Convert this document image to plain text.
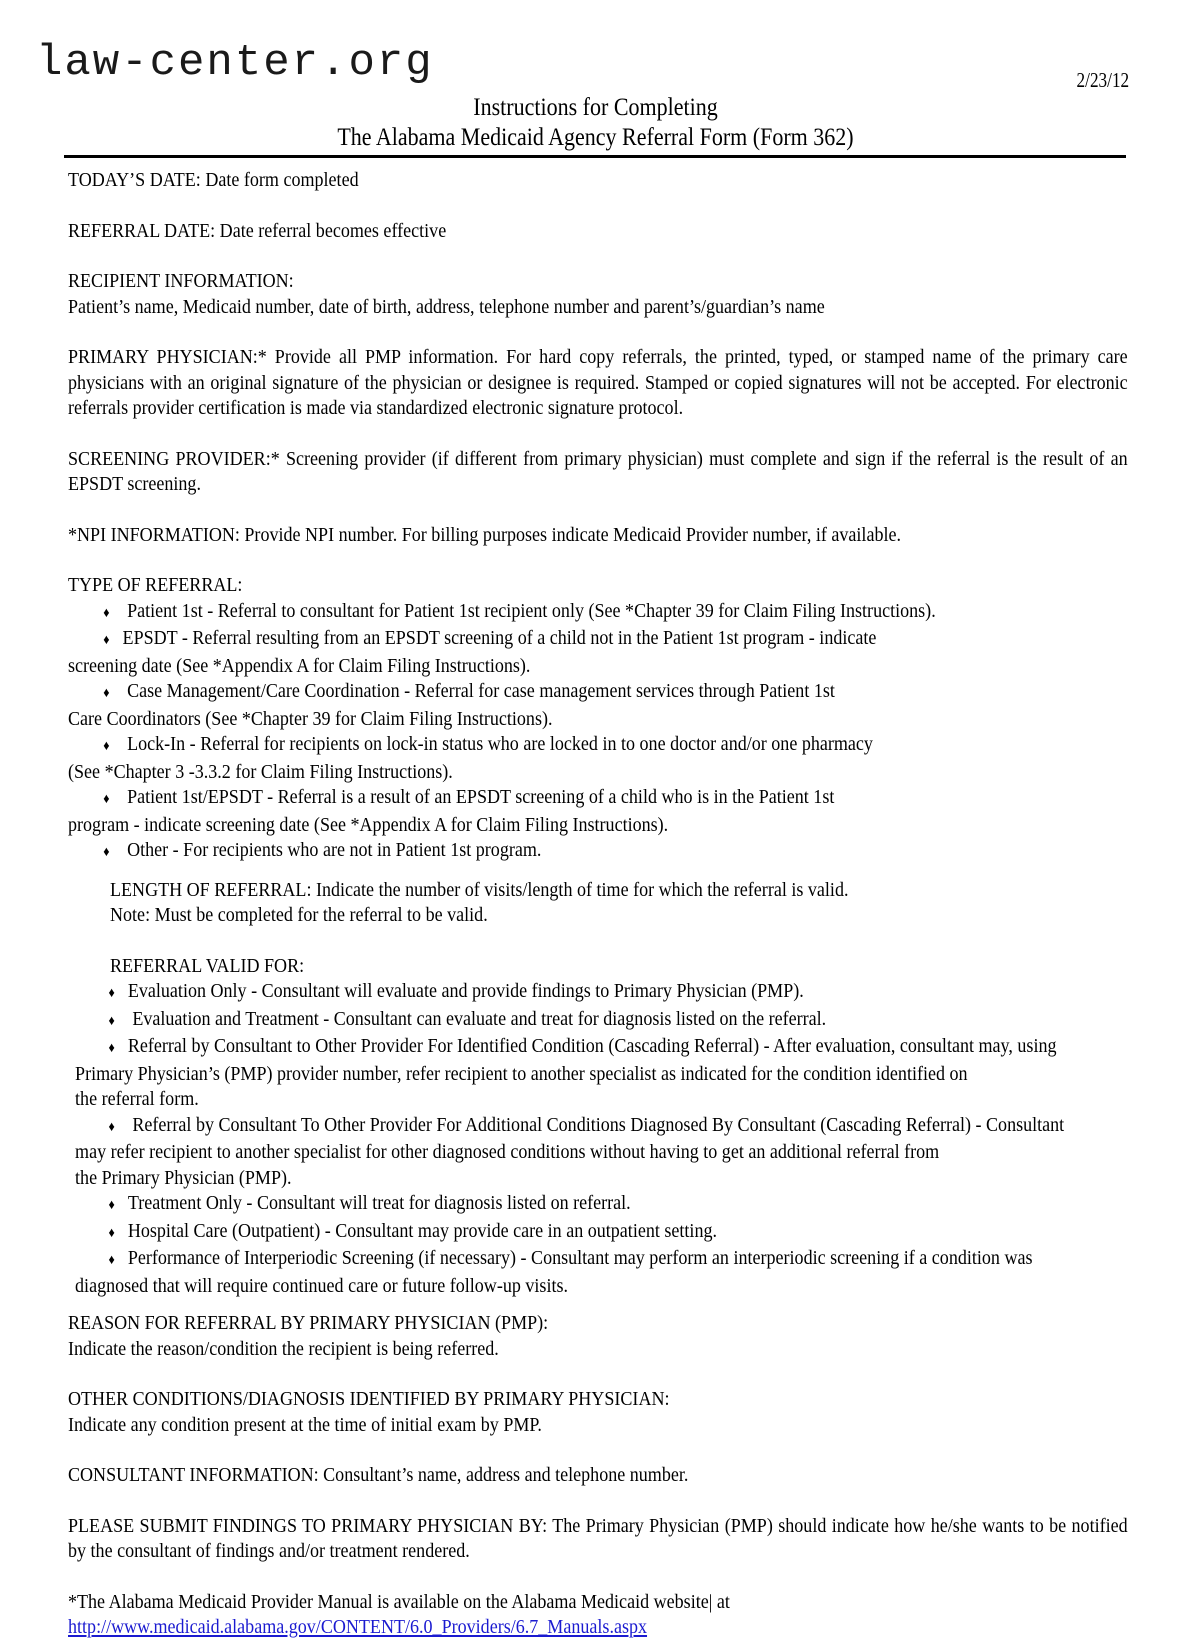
law-center.org	2/23/12
Instructions for Completing
The Alabama Medicaid Agency Referral Form (Form 362)
TODAY’S DATE: Date form completed
REFERRAL DATE: Date referral becomes effective
RECIPIENT INFORMATION:
Patient’s name, Medicaid number, date of birth, address, telephone number and parent’s/guardian’s name
PRIMARY PHYSICIAN:* Provide all PMP information. For hard copy referrals, the printed, typed, or stamped name of the primary care physicians with an original signature of the physician or designee is required. Stamped or copied signatures will not be accepted. For electronic referrals provider certification is made via standardized electronic signature protocol.
SCREENING PROVIDER:* Screening provider (if different from primary physician) must complete and sign if the referral is the result of an EPSDT screening.
*NPI INFORMATION: Provide NPI number. For billing purposes indicate Medicaid Provider number, if available.
TYPE OF REFERRAL:
♦ Patient 1st - Referral to consultant for Patient 1st recipient only (See *Chapter 39 for Claim Filing Instructions).
♦ EPSDT - Referral resulting from an EPSDT screening of a child not in the Patient 1st program - indicate
screening date (See *Appendix A for Claim Filing Instructions).
♦ Case Management/Care Coordination - Referral for case management services through Patient 1st
Care Coordinators (See *Chapter 39 for Claim Filing Instructions).
♦ Lock-In - Referral for recipients on lock-in status who are locked in to one doctor and/or one pharmacy
(See *Chapter 3 -3.3.2 for Claim Filing Instructions).
♦ Patient 1st/EPSDT - Referral is a result of an EPSDT screening of a child who is in the Patient 1st
program - indicate screening date (See *Appendix A for Claim Filing Instructions).
♦ Other - For recipients who are not in Patient 1st program.
LENGTH OF REFERRAL: Indicate the number of visits/length of time for which the referral is valid.
Note: Must be completed for the referral to be valid.
REFERRAL VALID FOR:
♦ Evaluation Only - Consultant will evaluate and provide findings to Primary Physician (PMP).
♦ Evaluation and Treatment - Consultant can evaluate and treat for diagnosis listed on the referral.
♦ Referral by Consultant to Other Provider For Identified Condition (Cascading Referral) - After evaluation, consultant may, using
Primary Physician’s (PMP) provider number, refer recipient to another specialist as indicated for the condition identified on
the referral form.
♦ Referral by Consultant To Other Provider For Additional Conditions Diagnosed By Consultant (Cascading Referral) - Consultant
may refer recipient to another specialist for other diagnosed conditions without having to get an additional referral from
the Primary Physician (PMP).
♦ Treatment Only - Consultant will treat for diagnosis listed on referral.
♦ Hospital Care (Outpatient) - Consultant may provide care in an outpatient setting.
♦ Performance of Interperiodic Screening (if necessary) - Consultant may perform an interperiodic screening if a condition was
diagnosed that will require continued care or future follow-up visits.
REASON FOR REFERRAL BY PRIMARY PHYSICIAN (PMP):
Indicate the reason/condition the recipient is being referred.
OTHER CONDITIONS/DIAGNOSIS IDENTIFIED BY PRIMARY PHYSICIAN:
Indicate any condition present at the time of initial exam by PMP.
CONSULTANT INFORMATION: Consultant’s name, address and telephone number.
PLEASE SUBMIT FINDINGS TO PRIMARY PHYSICIAN BY: The Primary Physician (PMP) should indicate how he/she wants to be notified by the consultant of findings and/or treatment rendered.
*The Alabama Medicaid Provider Manual is available on the Alabama Medicaid website| at
http://www.medicaid.alabama.gov/CONTENT/6.0_Providers/6.7_Manuals.aspx
